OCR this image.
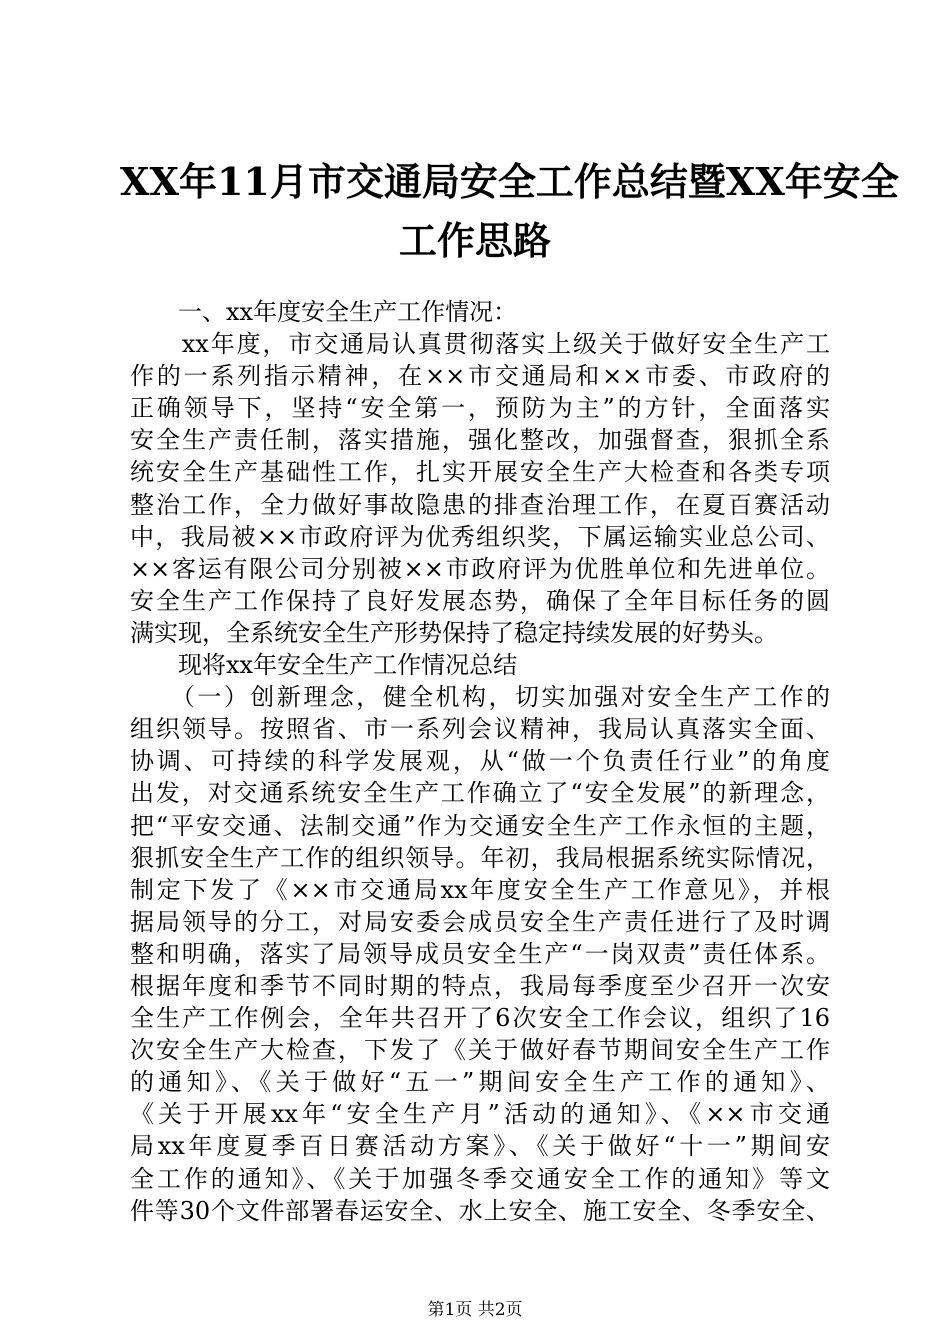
XX年11月市交通局安全工作总结暨XX年安全
工作思路
　　一、xx年度安全生产工作情况：
　　xx年度，市交通局认真贯彻落实上级关于做好安全生产工
作的一系列指示精神，在××市交通局和××市委、市政府的
正确领导下，坚持“安全第一，预防为主”的方针，全面落实
安全生产责任制，落实措施，强化整改，加强督查，狠抓全系
统安全生产基础性工作，扎实开展安全生产大检查和各类专项
整治工作，全力做好事故隐患的排查治理工作，在夏百赛活动
中，我局被××市政府评为优秀组织奖，下属运输实业总公司、
××客运有限公司分别被××市政府评为优胜单位和先进单位。
安全生产工作保持了良好发展态势，确保了全年目标任务的圆
满实现，全系统安全生产形势保持了稳定持续发展的好势头。
　　现将xx年安全生产工作情况总结
　　（一）创新理念，健全机构，切实加强对安全生产工作的
组织领导。按照省、市一系列会议精神，我局认真落实全面、
协调、可持续的科学发展观，从“做一个负责任行业”的角度
出发，对交通系统安全生产工作确立了“安全发展”的新理念，
把“平安交通、法制交通”作为交通安全生产工作永恒的主题，
狠抓安全生产工作的组织领导。年初，我局根据系统实际情况，
制定下发了《××市交通局xx年度安全生产工作意见》，并根
据局领导的分工，对局安委会成员安全生产责任进行了及时调
整和明确，落实了局领导成员安全生产“一岗双责”责任体系。
根据年度和季节不同时期的特点，我局每季度至少召开一次安
全生产工作例会，全年共召开了6次安全工作会议，组织了16
次安全生产大检查，下发了《关于做好春节期间安全生产工作
的通知》、《关于做好“五一”期间安全生产工作的通知》、
《关于开展xx年“安全生产月”活动的通知》、《××市交通
局xx年度夏季百日赛活动方案》、《关于做好“十一”期间安
全工作的通知》、《关于加强冬季交通安全工作的通知》等文
件等30个文件部署春运安全、水上安全、施工安全、冬季安全、
第1页 共2页
